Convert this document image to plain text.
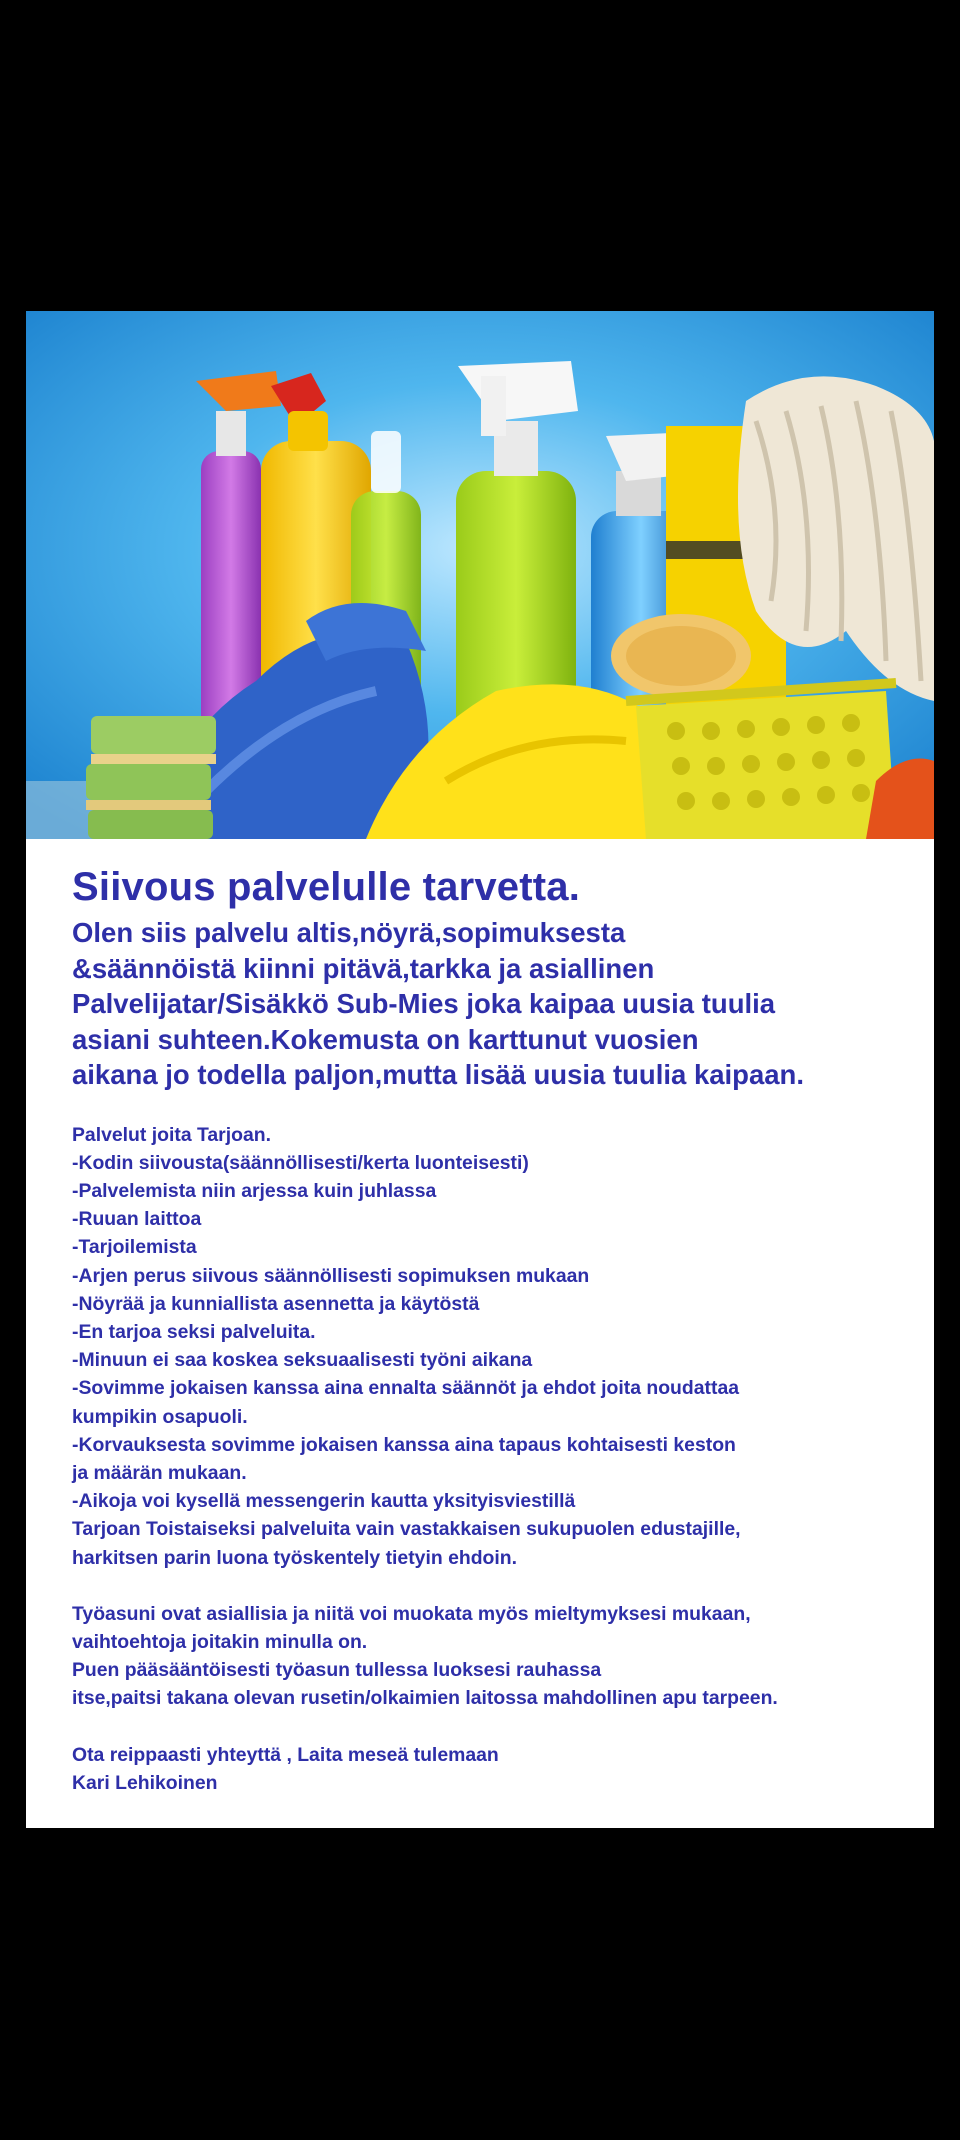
Siivous palvelulle tarvetta.
Olen siis palvelu altis,nöyrä,sopimuksesta
&säännöistä kiinni pitävä,tarkka ja asiallinen
Palvelijatar/Sisäkkö Sub-Mies joka kaipaa uusia tuulia
asiani suhteen.Kokemusta on karttunut vuosien
aikana jo todella paljon,mutta lisää uusia tuulia kaipaan.
Palvelut joita Tarjoan.
-Kodin siivousta(säännöllisesti/kerta luonteisesti)
-Palvelemista niin arjessa kuin juhlassa
-Ruuan laittoa
-Tarjoilemista
-Arjen perus siivous säännöllisesti sopimuksen mukaan
-Nöyrää ja kunniallista asennetta ja käytöstä
-En tarjoa seksi palveluita.
-Minuun ei saa koskea seksuaalisesti työni aikana
-Sovimme jokaisen kanssa aina ennalta säännöt ja ehdot joita noudattaa
kumpikin osapuoli.
-Korvauksesta sovimme jokaisen kanssa aina tapaus kohtaisesti keston
ja määrän mukaan.
-Aikoja voi kysellä messengerin kautta yksityisviestillä
Tarjoan Toistaiseksi palveluita vain vastakkaisen sukupuolen edustajille,
harkitsen parin luona työskentely tietyin ehdoin.
Työasuni ovat asiallisia ja niitä voi muokata myös mieltymyksesi mukaan,
vaihtoehtoja joitakin minulla on.
Puen pääsääntöisesti työasun tullessa luoksesi rauhassa
itse,paitsi takana olevan rusetin/olkaimien laitossa mahdollinen apu tarpeen.
Ota reippaasti yhteyttä , Laita meseä tulemaan
Kari Lehikoinen
